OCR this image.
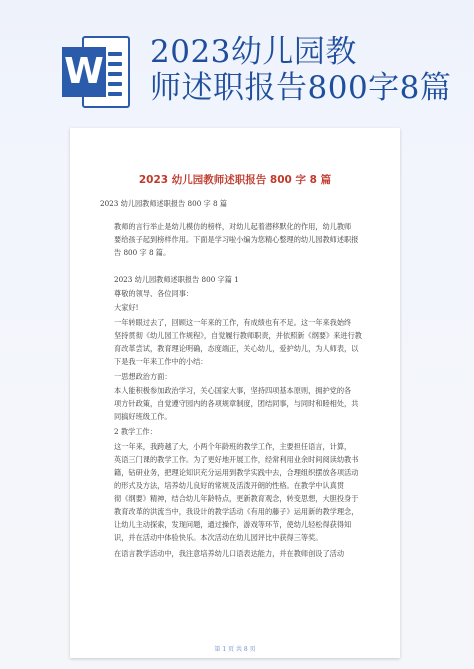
W 2023幼儿园教
师述职报告800字8篇
2023 幼儿园教师述职报告 800 字 8 篇
2023 幼儿园教师述职报告 800 字 8 篇
教师的言行举止是幼儿模仿的榜样，对幼儿起着潜移默化的作用，幼儿教师
要给孩子起到榜样作用。下面是学习啦小编为您精心整理的幼儿园教师述职报
告 800 字 8 篇。
2023 幼儿园教师述职报告 800 字篇 1
尊敬的领导、各位同事：
大家好!
一年转眼过去了，回顾这一年来的工作，有成绩也有不足。这一年来我始终
坚持贯彻《幼儿园工作规程》，自觉履行教师职责，并依照新《纲要》来进行教
育改革尝试，教育理论明确，态度端正，关心幼儿，爱护幼儿，为人师表，以
下是我一年来工作中的小结：
一思想政治方面：
本人能积极参加政治学习，关心国家大事，坚持四项基本原则，拥护党的各
项方针政策，自觉遵守园内的各项规章制度，团结同事，与同时和睦相处，共
同搞好班级工作。
2 教学工作：
这一年来，我跨越了大，小两个年龄班的教学工作，主要担任语言，计算，
英语三门课的教学工作。为了更好地开展工作，经常利用业余时间阅读幼教书
籍，钻研业务，把理论知识充分运用到教学实践中去，合理组织摆放各项活动
的形式及方法，培养幼儿良好的常规及活泼开朗的性格。在教学中认真贯
彻《纲要》精神，结合幼儿年龄特点，更新教育观念，转变思想，大胆投身于
教育改革的洪流当中，我设计的教学活动《有用的藤子》运用新的教学理念，
让幼儿主动探索，发现问题，通过操作，游戏等环节，使幼儿轻松得获得知
识，并在活动中体验快乐。本次活动在幼儿园评比中获得三等奖。
在语言教学活动中，我注意培养幼儿口语表达能力，并在教师创设了活动
第 1 页 共 8 页
